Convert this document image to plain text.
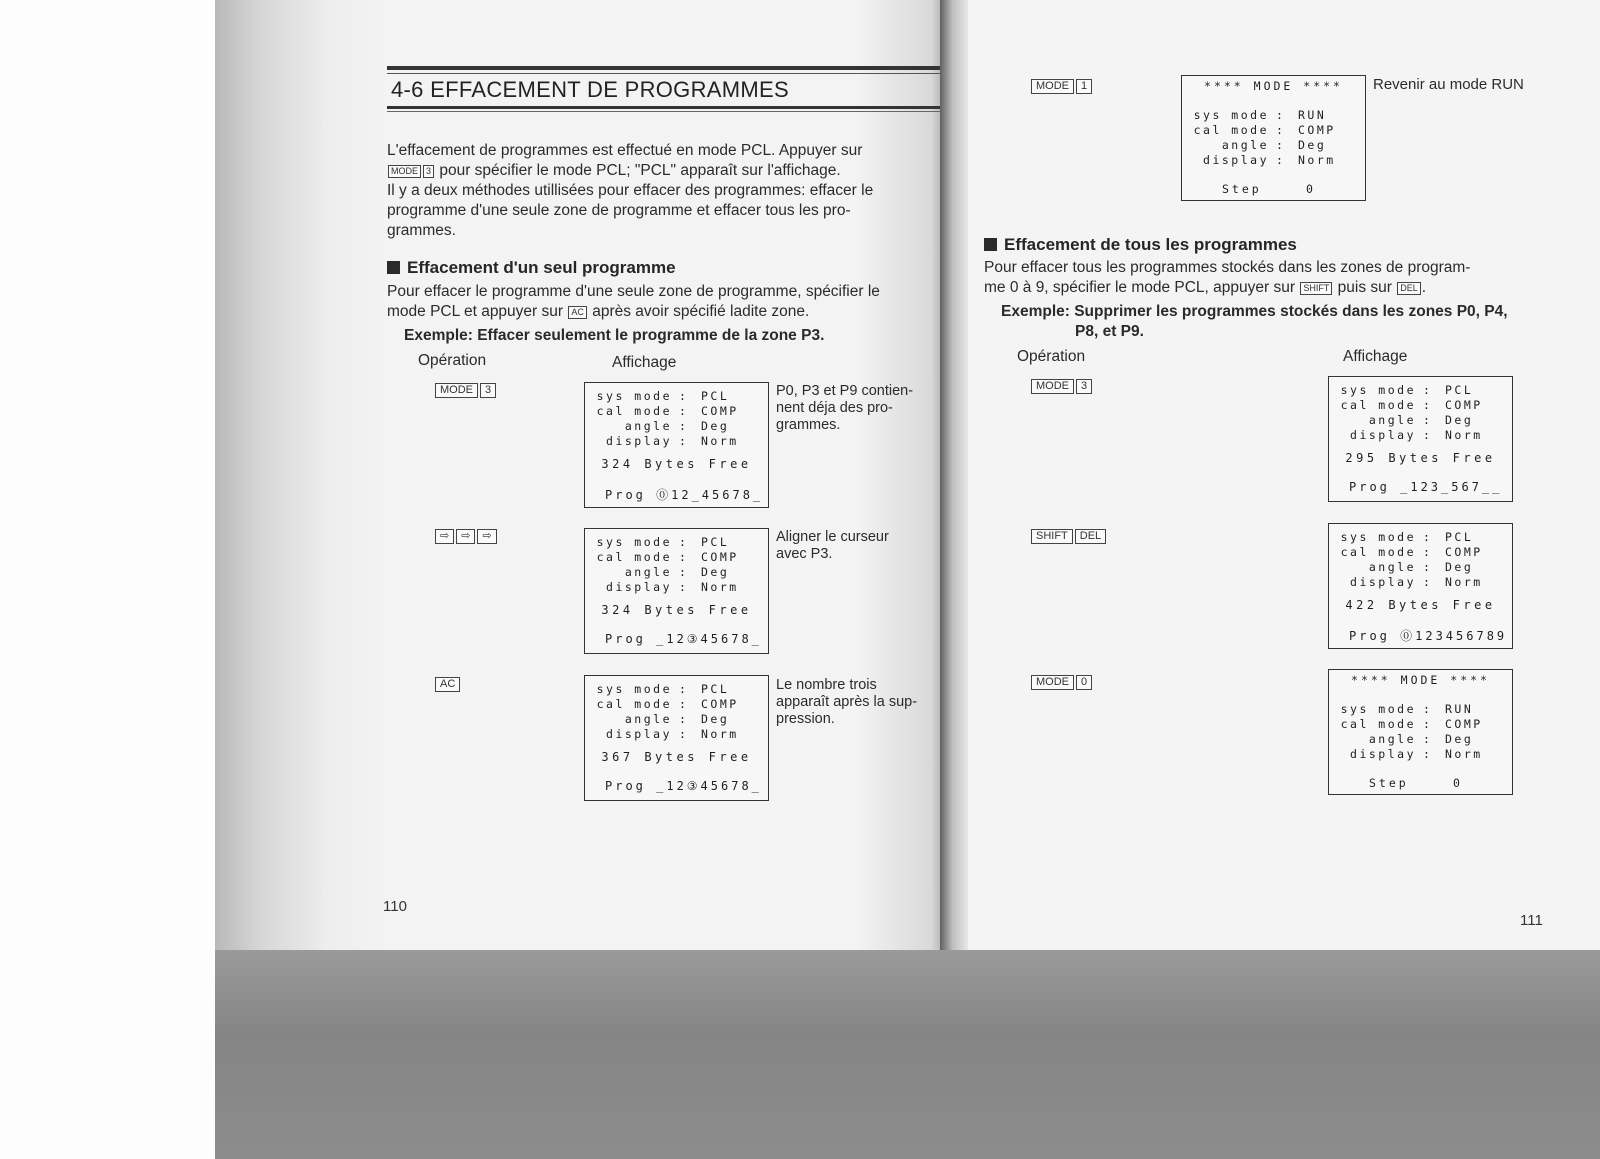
4-6 EFFACEMENT DE PROGRAMMES
L'effacement de programmes est effectué en mode PCL. Appuyer sur
MODE 3 pour spécifier le mode PCL; "PCL" apparaît sur l'affichage.
Il y a deux méthodes utillisées pour effacer des programmes: effacer le
programme d'une seule zone de programme et effacer tous les pro-
grammes.
Effacement d'un seul programme
Pour effacer le programme d'une seule zone de programme, spécifier le
mode PCL et appuyer sur AC après avoir spécifié ladite zone.
Exemple: Effacer seulement le programme de la zone P3.
Opération	Affichage
MODE 3	sys mode : PCL
cal mode : COMP
angle : Deg
display : Norm
324 Bytes Free
Prog ⓪12_45678_
P0, P3 et P9 contien-
nent déja des pro-
grammes.
⇨ ⇨ ⇨	sys mode : PCL
cal mode : COMP
angle : Deg
display : Norm
324 Bytes Free
Prog _12③45678_
Aligner le curseur
avec P3.
AC	sys mode : PCL
cal mode : COMP
angle : Deg
display : Norm
367 Bytes Free
Prog _12③45678_
Le nombre trois
apparaît après la sup-
pression.
110
MODE 1	**** MODE ****
sys mode : RUN
cal mode : COMP
angle : Deg
display : Norm
Step	0
Revenir au mode RUN
Effacement de tous les programmes
Pour effacer tous les programmes stockés dans les zones de program-
me 0 à 9, spécifier le mode PCL, appuyer sur SHIFT puis sur DEL .
Exemple: Supprimer les programmes stockés dans les zones P0, P4,
P8, et P9.
Opération	Affichage
MODE 3	sys mode : PCL
cal mode : COMP
angle : Deg
display : Norm
295 Bytes Free
Prog _123_567__
SHIFT DEL	sys mode : PCL
cal mode : COMP
angle : Deg
display : Norm
422 Bytes Free
Prog ⓪123456789
MODE 0	**** MODE ****
sys mode : RUN
cal mode : COMP
angle : Deg
display : Norm
Step	0
111
